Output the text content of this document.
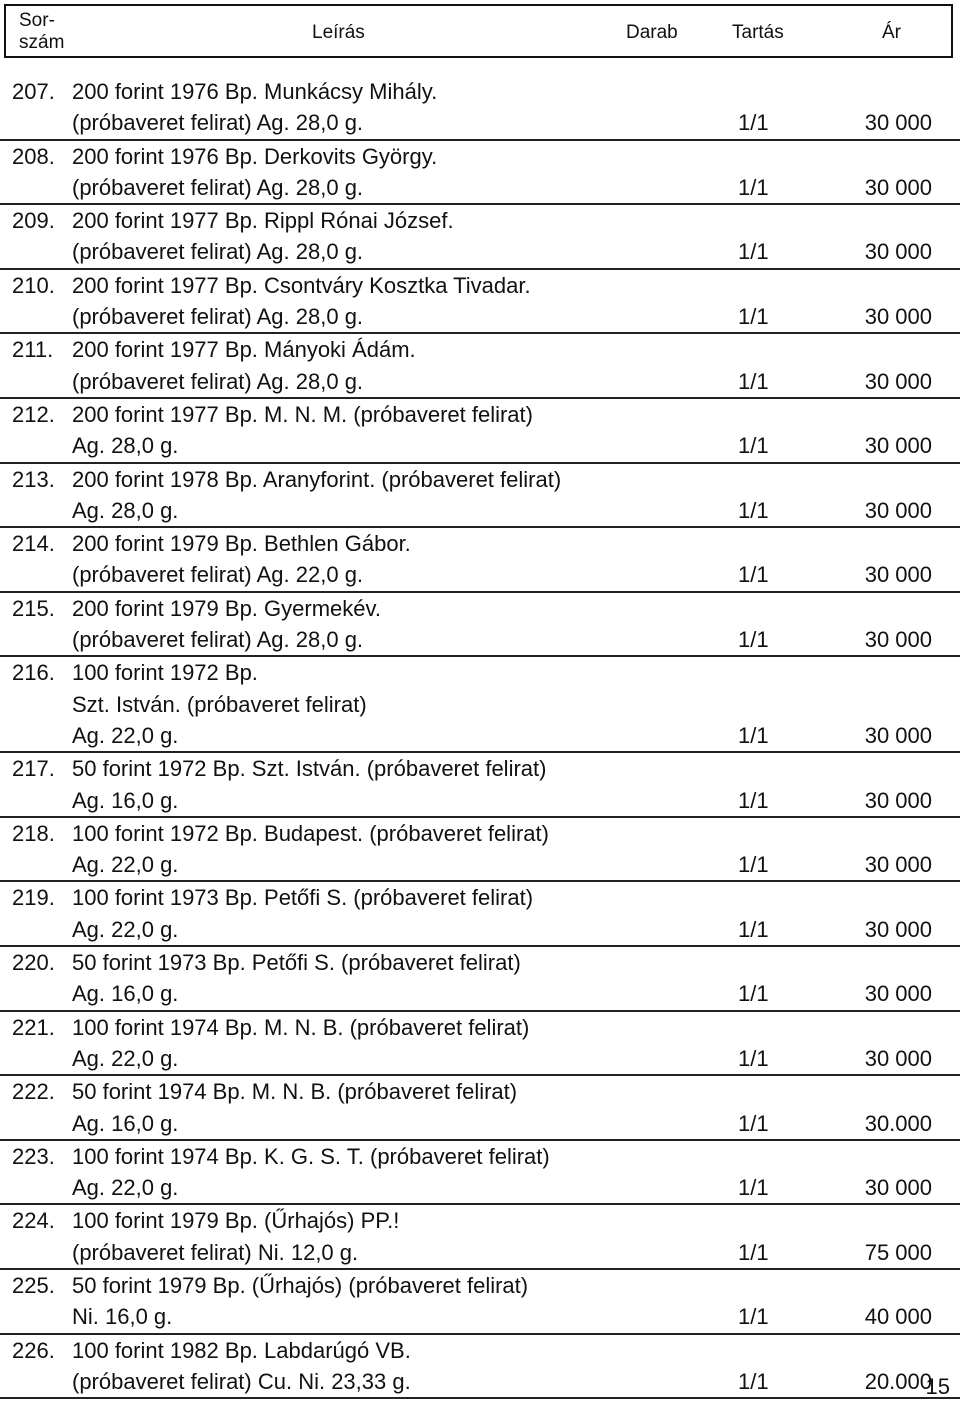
Sor-
szám	Leírás	Darab	Tartás	Ár
207. 200 forint 1976 Bp. Munkácsy Mihály.
(próbaveret felirat) Ag. 28,0 g.	1/1	30 000
208. 200 forint 1976 Bp. Derkovits György.
(próbaveret felirat) Ag. 28,0 g.	1/1	30 000
209. 200 forint 1977 Bp. Rippl Rónai József.
(próbaveret felirat) Ag. 28,0 g.	1/1	30 000
210. 200 forint 1977 Bp. Csontváry Kosztka Tivadar.
(próbaveret felirat) Ag. 28,0 g.	1/1	30 000
211. 200 forint 1977 Bp. Mányoki Ádám.
(próbaveret felirat) Ag. 28,0 g.	1/1	30 000
212. 200 forint 1977 Bp. M. N. M. (próbaveret felirat)
Ag. 28,0 g.	1/1	30 000
213. 200 forint 1978 Bp. Aranyforint. (próbaveret felirat)
Ag. 28,0 g.	1/1	30 000
214. 200 forint 1979 Bp. Bethlen Gábor.
(próbaveret felirat) Ag. 22,0 g.	1/1	30 000
215. 200 forint 1979 Bp. Gyermekév.
(próbaveret felirat) Ag. 28,0 g.	1/1	30 000
216. 100 forint 1972 Bp.
Szt. István. (próbaveret felirat)
Ag. 22,0 g.	1/1	30 000
217. 50 forint 1972 Bp. Szt. István. (próbaveret felirat)
Ag. 16,0 g.	1/1	30 000
218. 100 forint 1972 Bp. Budapest. (próbaveret felirat)
Ag. 22,0 g.	1/1	30 000
219. 100 forint 1973 Bp. Petőfi S. (próbaveret felirat)
Ag. 22,0 g.	1/1	30 000
220. 50 forint 1973 Bp. Petőfi S. (próbaveret felirat)
Ag. 16,0 g.	1/1	30 000
221. 100 forint 1974 Bp. M. N. B. (próbaveret felirat)
Ag. 22,0 g.	1/1	30 000
222. 50 forint 1974 Bp. M. N. B. (próbaveret felirat)
Ag. 16,0 g.	1/1	30.000
223. 100 forint 1974 Bp. K. G. S. T. (próbaveret felirat)
Ag. 22,0 g.	1/1	30 000
224. 100 forint 1979 Bp. (Űrhajós) PP.!
(próbaveret felirat) Ni. 12,0 g.	1/1	75 000
225. 50 forint 1979 Bp. (Űrhajós) (próbaveret felirat)
Ni. 16,0 g.	1/1	40 000
226. 100 forint 1982 Bp. Labdarúgó VB.
(próbaveret felirat) Cu. Ni. 23,33 g.	1/1	20.000
15
